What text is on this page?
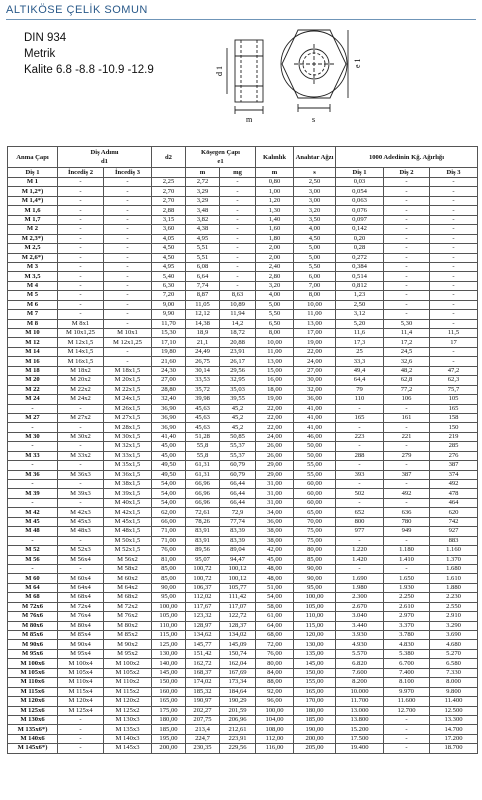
ALTIKÖSE ÇELİK SOMUN
DIN 934
Metrik
Kalite 6.8 -8.8 -10.9 -12.9	d 1
m
e 1
s
Anma Çapı	Diş Adımı
d1		d2	Köşegen Çapı
e1		Kalınlık	Anahtar Ağzı	1000 Adedinin Kğ. Ağırlığı		
Diş 1	İncediş 2	İncediş 3		m	mg	m	s	Diş 1	Diş 2	Diş 3
M 1	-	-	2,25	2,72	-	0,80	2,50	0,03	-	-
M 1,2*)	-	-	2,70	3,29	-	1,00	3,00	0,054	-	-
M 1,4*)	-	-	2,70	3,29	-	1,20	3,00	0,063	-	-
M 1,6	-	-	2,88	3,48	-	1,30	3,20	0,076	-	-
M 1,7	-	-	3,15	3,82	-	1,40	3,50	0,097	-	-
M 2	-	-	3,60	4,38	-	1,60	4,00	0,142	-	-
M 2,3*)	-	-	4,05	4,95	-	1,80	4,50	0,20	-	-
M 2,5	-	-	4,50	5,51	-	2,00	5,00	0,28	-	-
M 2,6*)	-	-	4,50	5,51	-	2,00	5,00	0,272	-	-
M 3	-	-	4,95	6,08	-	2,40	5,50	0,384	-	-
M 3,5	-	-	5,40	6,64	-	2,80	6,00	0,514	-	-
M 4	-	-	6,30	7,74	-	3,20	7,00	0,812	-	-
M 5	-	-	7,20	8,87	8,63	4,00	8,00	1,23	-	-
M 6	-	-	9,00	11,05	10,89	5,00	10,00	2,50	-	-
M 7	-	-	9,90	12,12	11,94	5,50	11,00	3,12	-	-
M 8	M 8x1	-	11,70	14,38	14,2	6,50	13,00	5,20	5,30	-
M 10	M 10x1,25	M 10x1	15,30	18,9	18,72	8,00	17,00	11,6	11,4	11,5
M 12	M 12x1,5	M 12x1,25	17,10	21,1	20,88	10,00	19,00	17,3	17,2	17
M 14	M 14x1,5	-	19,80	24,49	23,91	11,00	22,00	25	24,5	-
M 16	M 16x1,5	-	21,60	26,75	26,17	13,00	24,00	33,3	32,6	-
M 18	M 18x2	M 18x1,5	24,30	30,14	29,56	15,00	27,00	49,4	48,2	47,2
M 20	M 20x2	M 20x1,5	27,00	33,53	32,95	16,00	30,00	64,4	62,8	62,3
M 22	M 22x2	M 22x1,5	28,80	35,72	35,03	18,00	32,00	79	77,2	75,7
M 24	M 24x2	M 24x1,5	32,40	39,98	39,55	19,00	36,00	110	106	105
-	-	M 26x1,5	36,90	45,63	45,2	22,00	41,00	-	-	165
M 27	M 27x2	M 27x1,5	36,90	45,63	45,2	22,00	41,00	165	161	158
-	-	M 28x1,5	36,90	45,63	45,2	22,00	41,00	-	-	150
M 30	M 30x2	M 30x1,5	41,40	51,28	50,85	24,00	46,00	223	221	219
-	-	M 32x1,5	45,00	55,8	55,37	26,00	50,00	-	-	285
M 33	M 33x2	M 33x1,5	45,00	55,8	55,37	26,00	50,00	288	279	276
-	-	M 35x1,5	49,50	61,31	60,79	29,00	55,00	-	-	387
M 36	M 36x3	M 36x1,5	49,50	61,31	60,79	29,00	55,00	393	387	374
-	-	M 38x1,5	54,00	66,96	66,44	31,00	60,00	-	-	492
M 39	M 39x3	M 39x1,5	54,00	66,96	66,44	31,00	60,00	502	492	478
-	-	M 40x1,5	54,00	66,96	66,44	31,00	60,00	-	-	464
M 42	M 42x3	M 42x1,5	62,00	72,61	72,9	34,00	65,00	652	636	620
M 45	M 45x3	M 45x1,5	66,00	78,26	77,74	36,00	70,00	800	780	742
M 48	M 48x3	M 48x1,5	71,00	83,91	83,39	38,00	75,00	977	949	927
-	-	M 50x1,5	71,00	83,91	83,39	38,00	75,00	-	-	883
M 52	M 52x3	M 52x1,5	76,00	89,56	89,04	42,00	80,00	1.220	1.180	1.160
M 56	M 56x4	M 56x2	81,00	95,07	94,47	45,00	85,00	1.420	1.410	1.370
-	-	M 58x2	85,00	100,72	100,12	48,00	90,00	-	-	1.680
M 60	M 60x4	M 60x2	85,00	100,72	100,12	48,00	90,00	1.690	1.650	1.610
M 64	M 64x4	M 64x2	90,00	106,37	105,77	51,00	95,00	1.980	1.930	1.880
M 68	M 68x4	M 68x2	95,00	112,02	111,42	54,00	100,00	2.300	2.250	2.230
M 72x6	M 72x4	M 72x2	100,00	117,67	117,07	58,00	105,00	2.670	2.610	2.550
M 76x6	M 76x4	M 76x2	105,00	123,32	122,72	61,00	110,00	3.040	2.970	2.910
M 80x6	M 80x4	M 80x2	110,00	128,97	128,37	64,00	115,00	3.440	3.370	3.290
M 85x6	M 85x4	M 85x2	115,00	134,62	134,02	68,00	120,00	3.930	3.780	3.690
M 90x6	M 90x4	M 90x2	125,00	145,77	145,09	72,00	130,00	4.930	4.830	4.680
M 95x6	M 95x4	M 95x2	130,00	151,42	150,74	76,00	135,00	5.570	5.380	5.270
M 100x6	M 100x4	M 100x2	140,00	162,72	162,04	80,00	145,00	6.820	6.700	6.580
M 105x6	M 105x4	M 105x2	145,00	168,37	167,69	84,00	150,00	7.600	7.400	7.330
M 110x6	M 110x4	M 110x2	150,00	174,02	173,34	88,00	155,00	8.200	8.100	8.000
M 115x6	M 115x4	M 115x2	160,00	185,32	184,64	92,00	165,00	10.000	9.970	9.800
M 120x6	M 120x4	M 120x2	165,00	190,97	190,29	96,00	170,00	11.700	11.600	11.400
M 125x6	M 125x4	M 125x2	175,00	202,27	201,59	100,00	180,00	13.000	12.700	12.500
M 130x6	-	M 130x3	180,00	207,75	206,96	104,00	185,00	13.800	-	13.300
M 135x6*)	-	M 135x3	185,00	213,4	212,61	108,00	190,00	15.200	-	14.700
M 140x6	-	M 140x3	195,00	224,7	223,91	112,00	200,00	17.500	-	17.200
M 145x6*)	-	M 145x3	200,00	230,35	229,56	116,00	205,00	19.400	-	18.700
